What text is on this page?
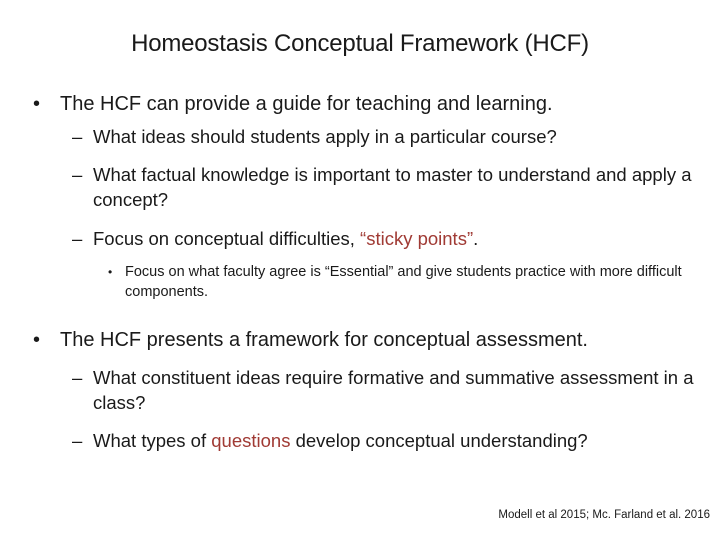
Homeostasis Conceptual Framework (HCF)
• The HCF can provide a guide for teaching and learning.
– What ideas should students apply in a particular course?
– What factual knowledge is important to master to understand and apply a concept?
– Focus on conceptual difficulties, “sticky points”.
• Focus on what faculty agree is “Essential” and give students practice with more difficult components.
• The HCF presents a framework for conceptual assessment.
– What constituent ideas require formative and summative assessment in a class?
– What types of questions develop conceptual understanding?
Modell et al 2015; Mc. Farland et al. 2016
